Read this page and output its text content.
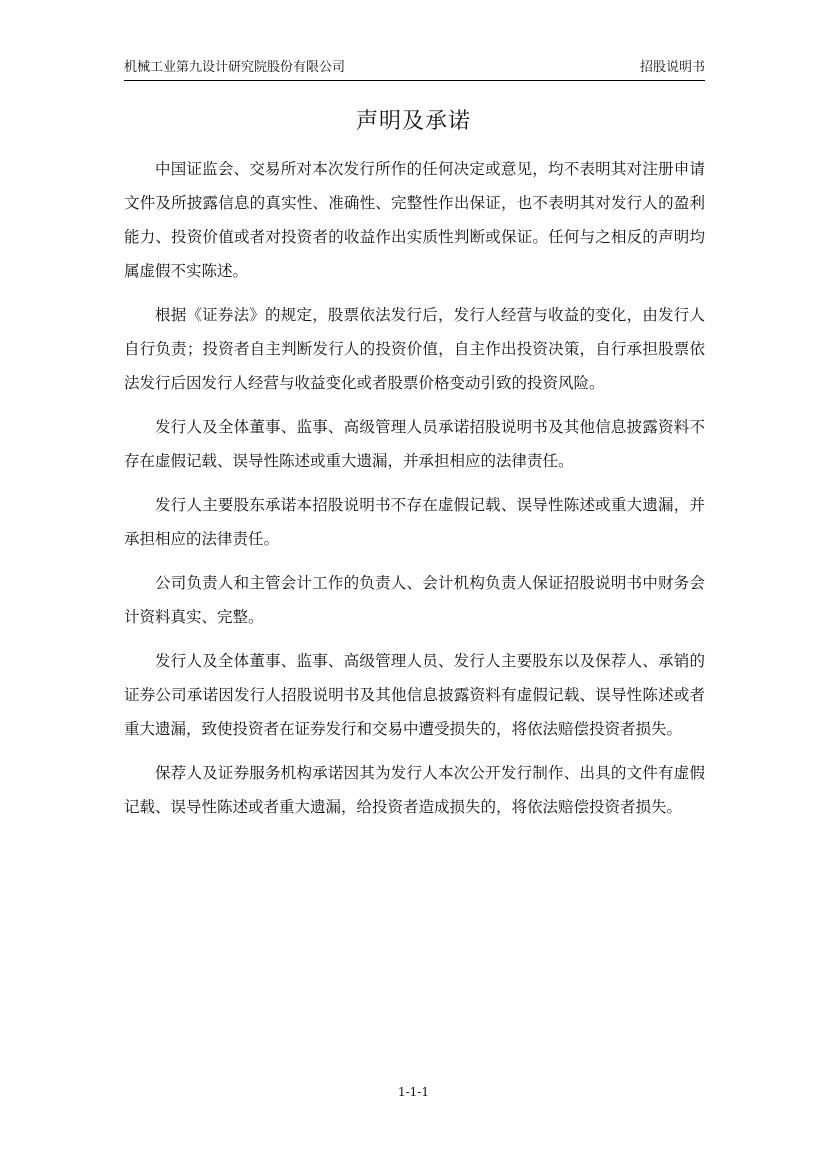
机械工业第九设计研究院股份有限公司	招股说明书
声明及承诺

中国证监会、交易所对本次发行所作的任何决定或意见，均不表明其对注册申请文件及所披露信息的真实性、准确性、完整性作出保证，也不表明其对发行人的盈利能力、投资价值或者对投资者的收益作出实质性判断或保证。任何与之相反的声明均属虚假不实陈述。

根据《证券法》的规定，股票依法发行后，发行人经营与收益的变化，由发行人自行负责；投资者自主判断发行人的投资价值，自主作出投资决策，自行承担股票依法发行后因发行人经营与收益变化或者股票价格变动引致的投资风险。

发行人及全体董事、监事、高级管理人员承诺招股说明书及其他信息披露资料不存在虚假记载、误导性陈述或重大遗漏，并承担相应的法律责任。

发行人主要股东承诺本招股说明书不存在虚假记载、误导性陈述或重大遗漏，并承担相应的法律责任。

公司负责人和主管会计工作的负责人、会计机构负责人保证招股说明书中财务会计资料真实、完整。

发行人及全体董事、监事、高级管理人员、发行人主要股东以及保荐人、承销的证券公司承诺因发行人招股说明书及其他信息披露资料有虚假记载、误导性陈述或者重大遗漏，致使投资者在证券发行和交易中遭受损失的，将依法赔偿投资者损失。

保荐人及证券服务机构承诺因其为发行人本次公开发行制作、出具的文件有虚假记载、误导性陈述或者重大遗漏，给投资者造成损失的，将依法赔偿投资者损失。

1-1-1
